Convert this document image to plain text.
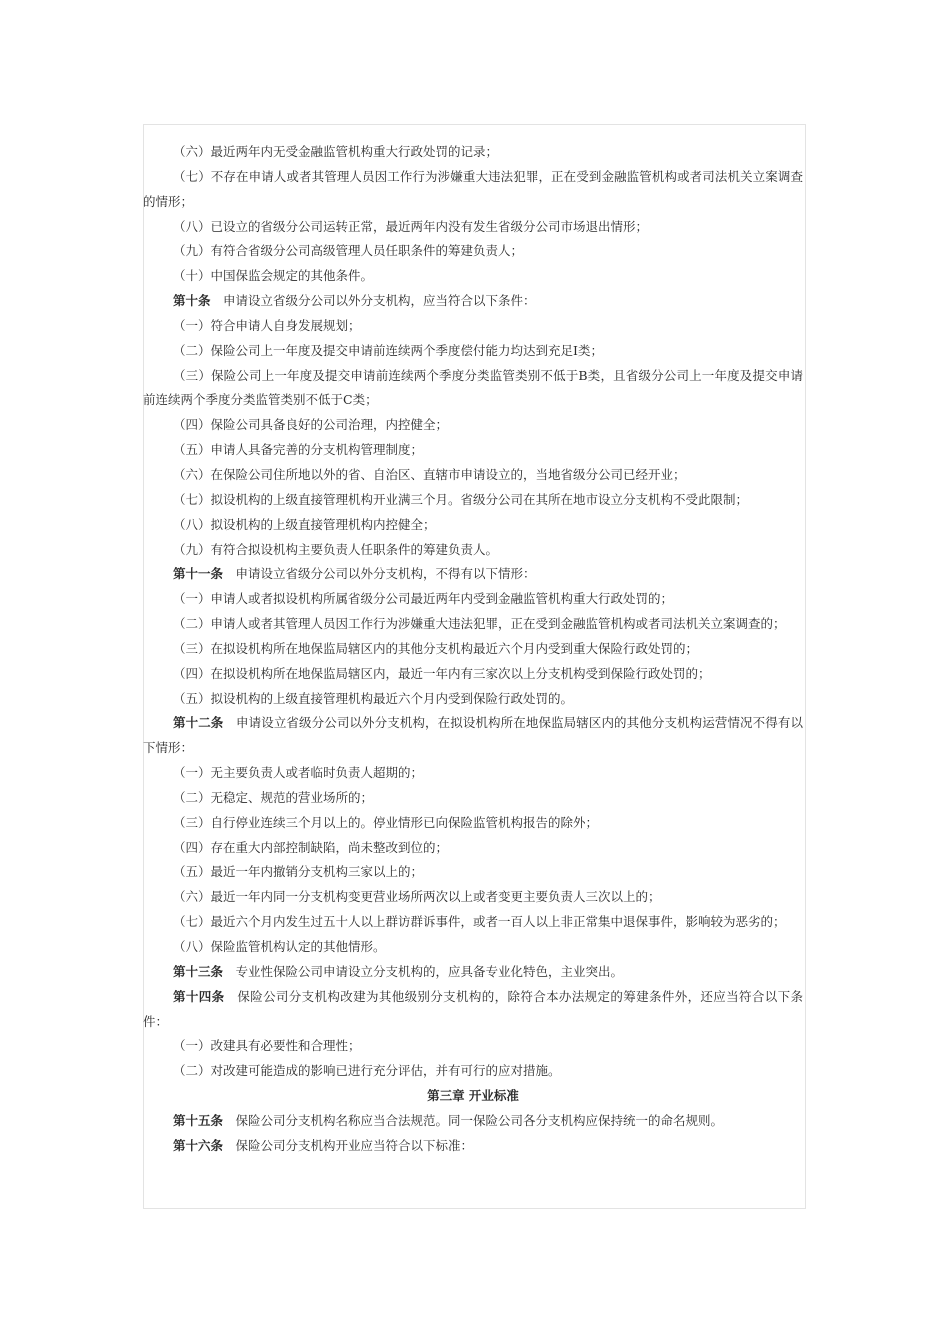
（六）最近两年内无受金融监管机构重大行政处罚的记录；

（七）不存在申请人或者其管理人员因工作行为涉嫌重大违法犯罪，正在受到金融监管机构或者司法机关立案调查的情形；

（八）已设立的省级分公司运转正常，最近两年内没有发生省级分公司市场退出情形；

（九）有符合省级分公司高级管理人员任职条件的筹建负责人；

（十）中国保监会规定的其他条件。

第十条　 申请设立省级分公司以外分支机构，应当符合以下条件：

（一）符合申请人自身发展规划；

（二）保险公司上一年度及提交申请前连续两个季度偿付能力均达到充足Ⅰ类；

（三）保险公司上一年度及提交申请前连续两个季度分类监管类别不低于B类，且省级分公司上一年度及提交申请前连续两个季度分类监管类别不低于C类；

（四）保险公司具备良好的公司治理，内控健全；

（五）申请人具备完善的分支机构管理制度；

（六）在保险公司住所地以外的省、自治区、直辖市申请设立的，当地省级分公司已经开业；

（七）拟设机构的上级直接管理机构开业满三个月。省级分公司在其所在地市设立分支机构不受此限制；

（八）拟设机构的上级直接管理机构内控健全；

（九）有符合拟设机构主要负责人任职条件的筹建负责人。

第十一条　 申请设立省级分公司以外分支机构，不得有以下情形：

（一）申请人或者拟设机构所属省级分公司最近两年内受到金融监管机构重大行政处罚的；

（二）申请人或者其管理人员因工作行为涉嫌重大违法犯罪，正在受到金融监管机构或者司法机关立案调查的；

（三）在拟设机构所在地保监局辖区内的其他分支机构最近六个月内受到重大保险行政处罚的；

（四）在拟设机构所在地保监局辖区内，最近一年内有三家次以上分支机构受到保险行政处罚的；

（五）拟设机构的上级直接管理机构最近六个月内受到保险行政处罚的。

第十二条　 申请设立省级分公司以外分支机构，在拟设机构所在地保监局辖区内的其他分支机构运营情况不得有以下情形：

（一）无主要负责人或者临时负责人超期的；

（二）无稳定、规范的营业场所的；

（三）自行停业连续三个月以上的。停业情形已向保险监管机构报告的除外；

（四）存在重大内部控制缺陷，尚未整改到位的；

（五）最近一年内撤销分支机构三家以上的；

（六）最近一年内同一分支机构变更营业场所两次以上或者变更主要负责人三次以上的；

（七）最近六个月内发生过五十人以上群访群诉事件，或者一百人以上非正常集中退保事件，影响较为恶劣的；

（八）保险监管机构认定的其他情形。

第十三条　 专业性保险公司申请设立分支机构的，应具备专业化特色，主业突出。

第十四条　 保险公司分支机构改建为其他级别分支机构的，除符合本办法规定的筹建条件外，还应当符合以下条件：

（一）改建具有必要性和合理性；

（二）对改建可能造成的影响已进行充分评估，并有可行的应对措施。

第三章 开业标准

第十五条　 保险公司分支机构名称应当合法规范。同一保险公司各分支机构应保持统一的命名规则。

第十六条　 保险公司分支机构开业应当符合以下标准：
